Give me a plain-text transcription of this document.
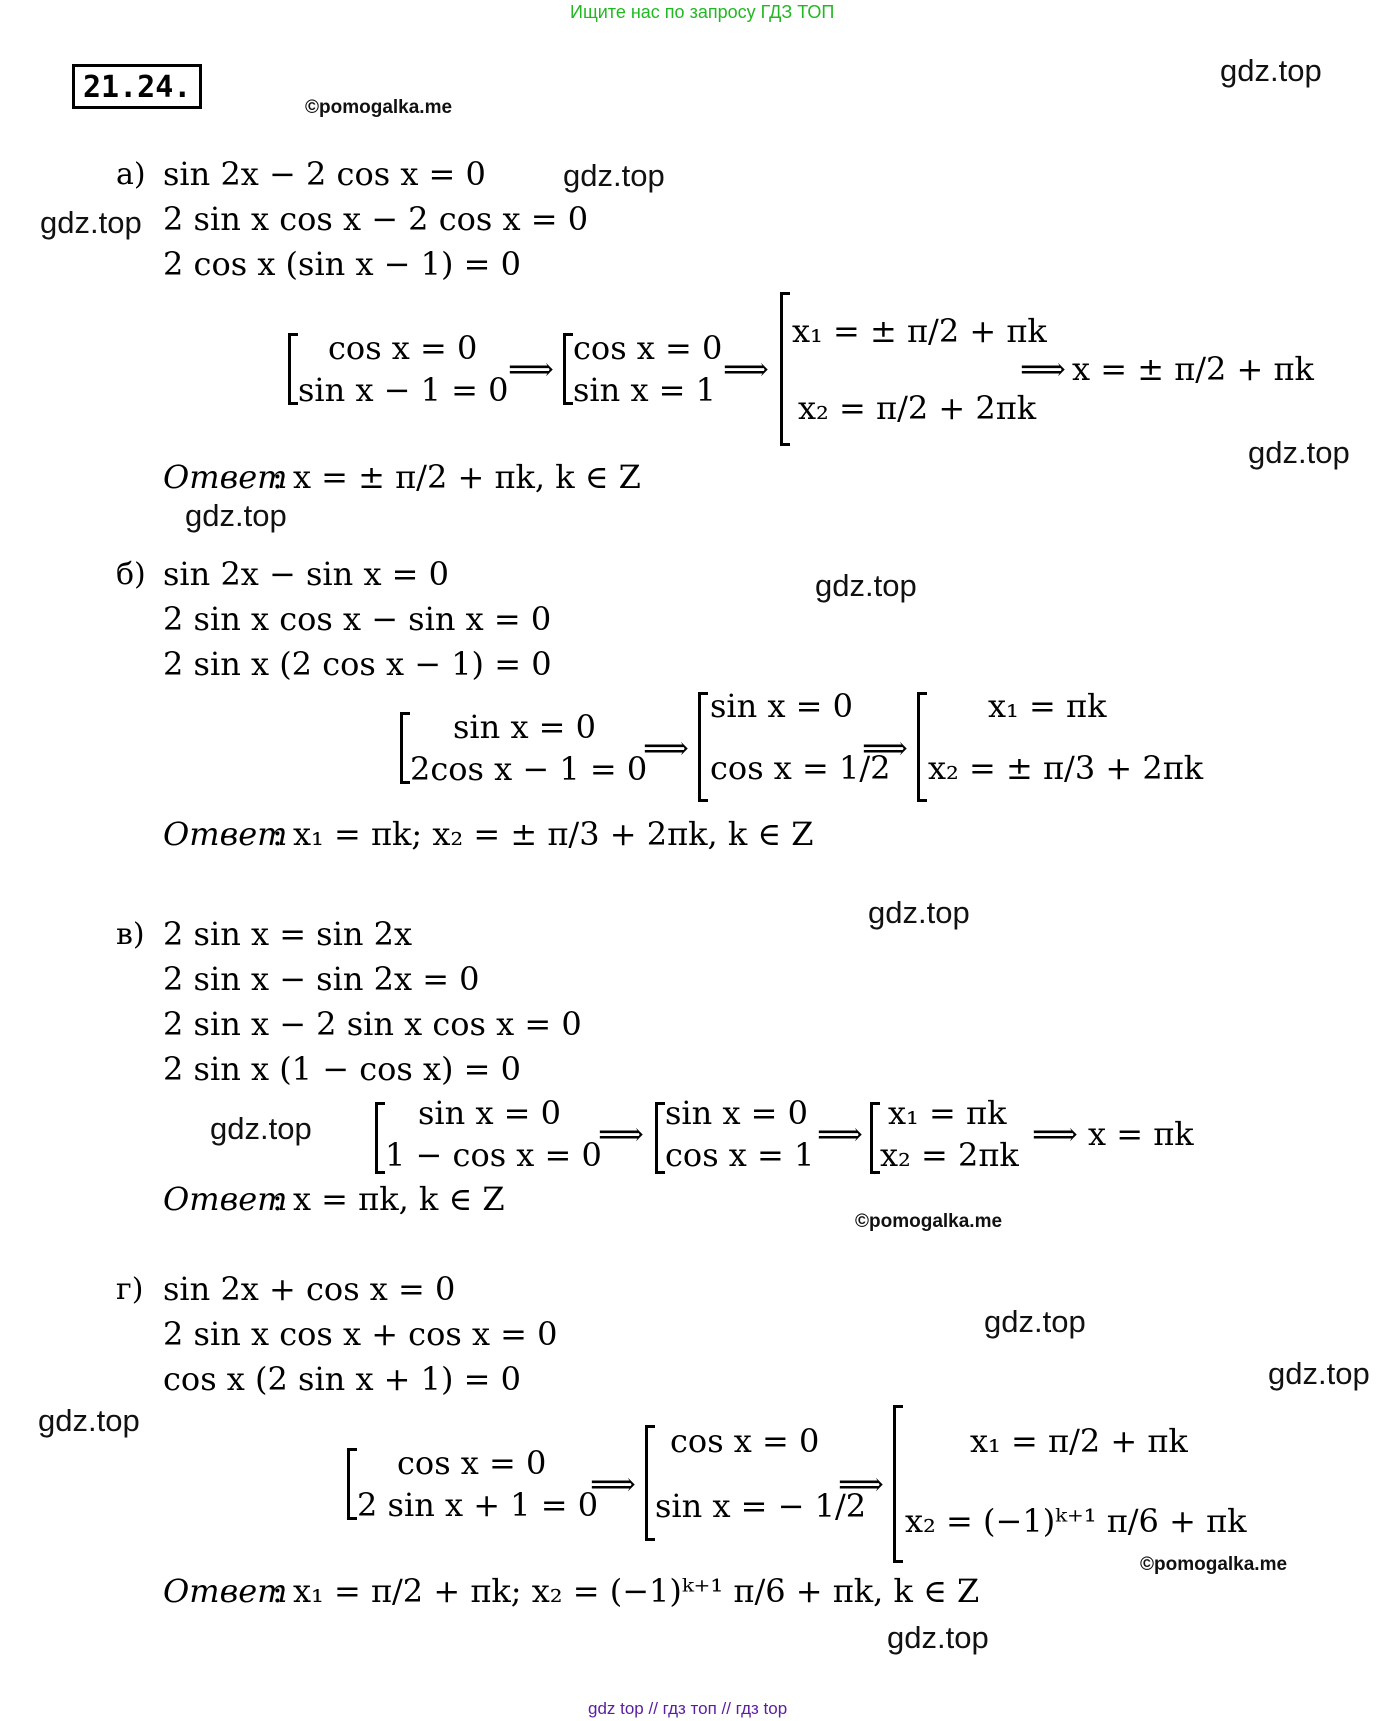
Ищите нас по запросу ГДЗ ТОП
21.24.	gdz.top
gdz.top
gdz.top
gdz.top
gdz.top
gdz.top
gdz.top
gdz.top
gdz.top
gdz.top
gdz.top
gdz.top
©pomogalka.me
©pomogalka.me
©pomogalka.me
а) sin 2x − 2 cos x = 0
2 sin x cos x − 2 cos x = 0
2 cos x (sin x − 1) = 0
cos x = 0
sin x − 1 = 0
⟹
cos x = 0
sin x = 1
⟹
x₁ = ± π/2 + πk
x₂ = π/2 + 2πk
⟹ x = ± π/2 + πk
Ответ
: x = ± π/2 + πk, k ∈ Z
б) sin 2x − sin x = 0
2 sin x cos x − sin x = 0
2 sin x (2 cos x − 1) = 0
sin x = 0
2cos x − 1 = 0
⟹
sin x = 0
cos x = 1/2
⟹
x₁ = πk
x₂ = ± π/3 + 2πk
Ответ
: x₁ = πk; x₂ = ± π/3 + 2πk, k ∈ Z
в) 2 sin x = sin 2x
2 sin x − sin 2x = 0
2 sin x − 2 sin x cos x = 0
2 sin x (1 − cos x) = 0
sin x = 0
1 − cos x = 0
⟹
sin x = 0
cos x = 1
⟹
x₁ = πk
x₂ = 2πk
⟹ x = πk
Ответ
: x = πk, k ∈ Z
г) sin 2x + cos x = 0
2 sin x cos x + cos x = 0
cos x (2 sin x + 1) = 0
cos x = 0
2 sin x + 1 = 0
⟹
cos x = 0
sin x = − 1/2
⟹
x₁ = π/2 + πk
x₂ = (−1)ᵏ⁺¹ π/6 + πk
Ответ
: x₁ = π/2 + πk; x₂ = (−1)ᵏ⁺¹ π/6 + πk, k ∈ Z
gdz top // гдз топ // гдз top
